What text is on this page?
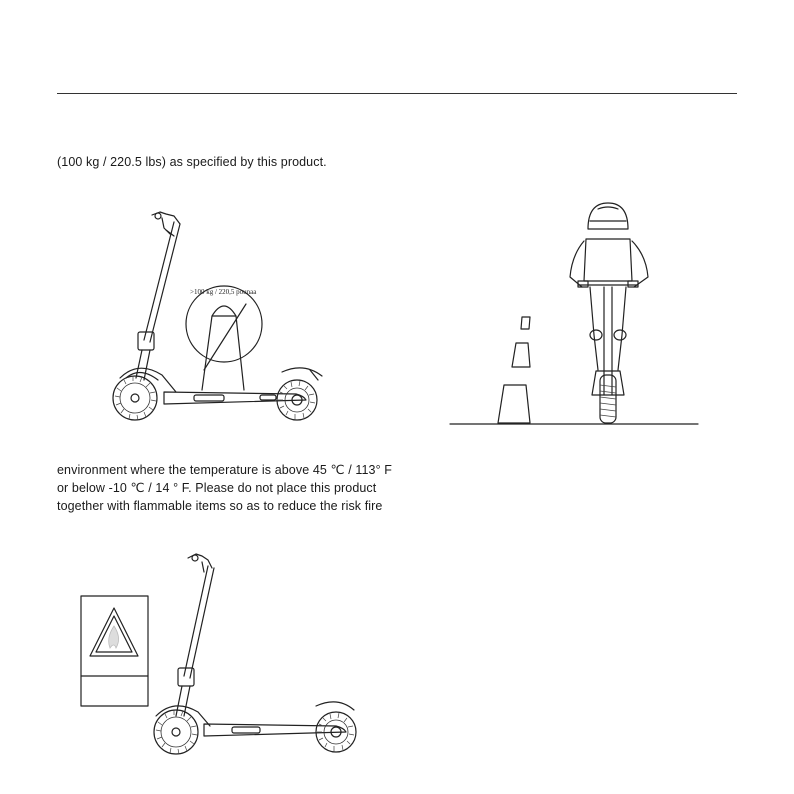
(100 kg / 220.5 lbs) as specified by this product.
>100 kg / 220,5 pounaa
environment where the temperature is above 45 ℃ / 113° F
or below -10 ℃ / 14 ° F. Please do not place this product
together with flammable items so as to reduce the risk fire
